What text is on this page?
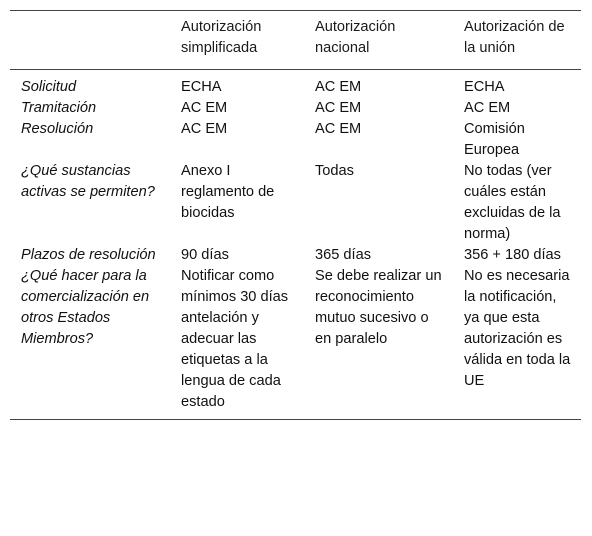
	Autorización simplificada	Autorización nacional	Autorización de la unión
Solicitud	ECHA	AC EM	ECHA
Tramitación	AC EM	AC EM	AC EM
Resolución	AC EM	AC EM	Comisión Europea
¿Qué sustancias activas se permiten?	Anexo I reglamento de biocidas	Todas	No todas (ver cuáles están excluidas de la norma)
Plazos de resolución	90 días	365 días	356 + 180 días
¿Qué hacer para la comercialización en otros Estados Miembros?	Notificar como mínimos 30 días antelación y adecuar las etiquetas a la lengua de cada estado	Se debe realizar un reconocimiento mutuo sucesivo o en paralelo	No es necesaria la notificación, ya que esta autorización es válida en toda la UE
